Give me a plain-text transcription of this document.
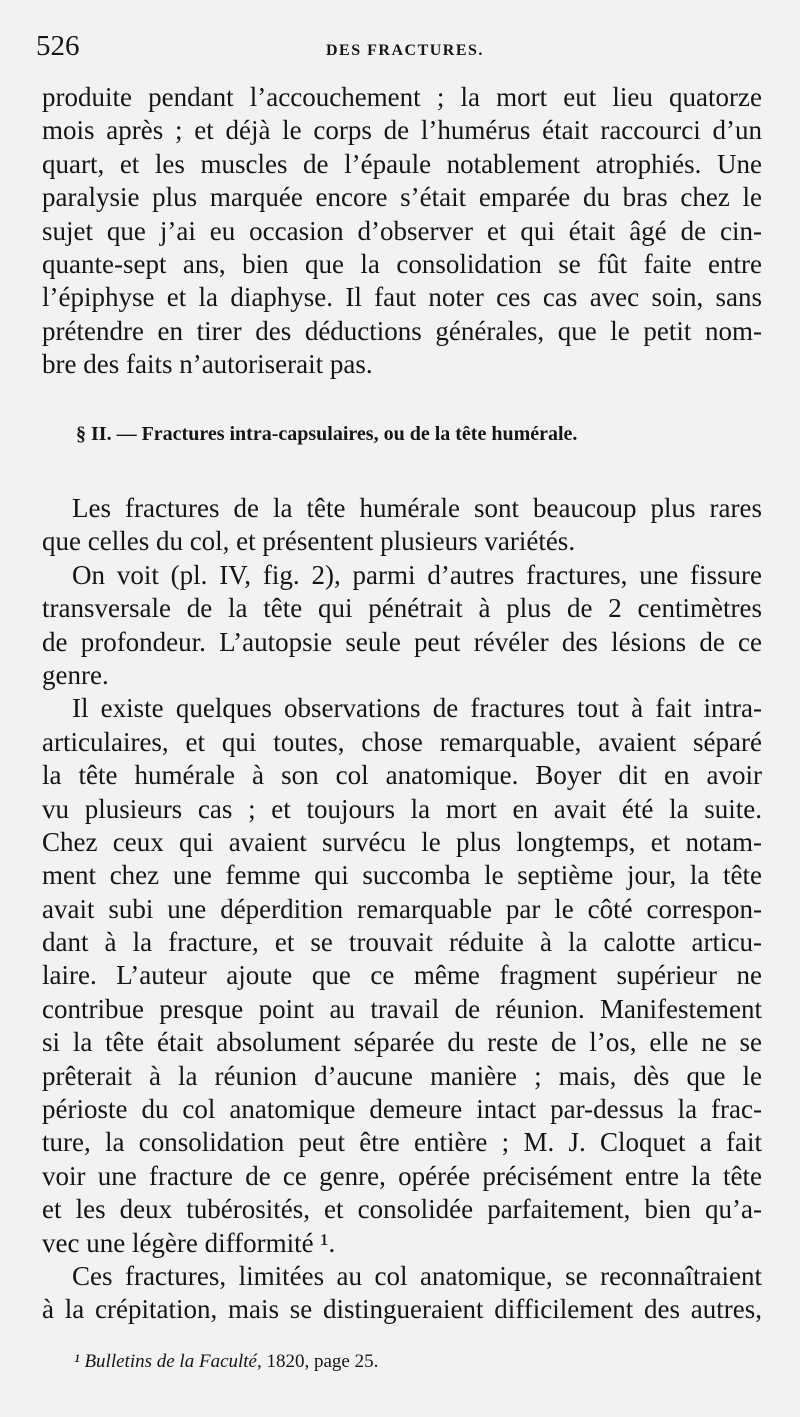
526	DES FRACTURES.
produite pendant l’accouchement ; la mort eut lieu quatorze
mois après ; et déjà le corps de l’humérus était raccourci d’un
quart, et les muscles de l’épaule notablement atrophiés. Une
paralysie plus marquée encore s’était emparée du bras chez le
sujet que j’ai eu occasion d’observer et qui était âgé de cin-
quante-sept ans, bien que la consolidation se fût faite entre
l’épiphyse et la diaphyse. Il faut noter ces cas avec soin, sans
prétendre en tirer des déductions générales, que le petit nom-
bre des faits n’autoriserait pas.
§ II. — Fractures intra-capsulaires, ou de la tête humérale.
Les fractures de la tête humérale sont beaucoup plus rares
que celles du col, et présentent plusieurs variétés.
On voit (pl. IV, fig. 2), parmi d’autres fractures, une fissure
transversale de la tête qui pénétrait à plus de 2 centimètres
de profondeur. L’autopsie seule peut révéler des lésions de ce
genre.
Il existe quelques observations de fractures tout à fait intra-
articulaires, et qui toutes, chose remarquable, avaient séparé
la tête humérale à son col anatomique. Boyer dit en avoir
vu plusieurs cas ; et toujours la mort en avait été la suite.
Chez ceux qui avaient survécu le plus longtemps, et notam-
ment chez une femme qui succomba le septième jour, la tête
avait subi une déperdition remarquable par le côté correspon-
dant à la fracture, et se trouvait réduite à la calotte articu-
laire. L’auteur ajoute que ce même fragment supérieur ne
contribue presque point au travail de réunion. Manifestement
si la tête était absolument séparée du reste de l’os, elle ne se
prêterait à la réunion d’aucune manière ; mais, dès que le
périoste du col anatomique demeure intact par-dessus la frac-
ture, la consolidation peut être entière ; M. J. Cloquet a fait
voir une fracture de ce genre, opérée précisément entre la tête
et les deux tubérosités, et consolidée parfaitement, bien qu’a-
vec une légère difformité ¹.
Ces fractures, limitées au col anatomique, se reconnaîtraient
à la crépitation, mais se distingueraient difficilement des autres,
¹ Bulletins de la Faculté, 1820, page 25.
